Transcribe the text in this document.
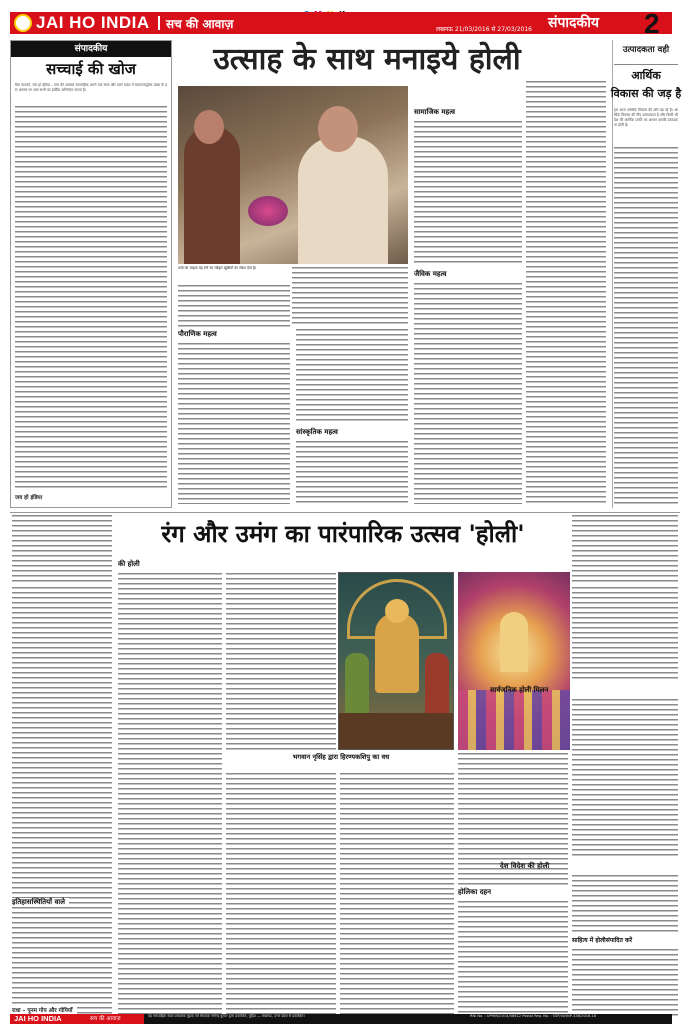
JAI HO INDIA सच की आवाज़	लखनऊ 21/03/2016 से 27/03/2016 संपादकीय 2
संपादकीय
सच्चाई की खोज
प्रिय पाठकों, जय हो इंडिया – सच की आवाज साप्ताहिक अपने एक साल और उत्तर प्रदेश में सफलतापूर्वक प्रवेश के इस अवसर पर आप सभी का हार्दिक अभिनंदन करता है।
जय हो इंडिया
उत्साह के साथ मनाइये होली
शर्मा का चाहता यह रंगों का त्योहार खुशियों का संदेश देता है।
पौराणिक महत्व
सांस्कृतिक महत्व
सामाजिक महत्व
जैविक महत्व
उत्पादकता वही
आर्थिक
विकास की जड़ है
हम आज आर्थिक विकास की ओर बढ़ रहे हैं। आर्थिक विकास की नींव उत्पादकता है और किसी भी देश की आर्थिक प्रगति का आधार उसकी उत्पादकता होती है।
रंग और उमंग का पारंपारिक उत्सव 'होली'
इतिहासस्थितियों वाले
राधा – पूनम गोप और गोपियाँ
की होली
भगवान नृसिंह द्वारा हिरण्यकशिपु का वध
होलिका दहन
सार्वजनिक होली मिलन
देश विदेश की होली
साहित्य में होलीसंपादित करें
JAI HO INDIA	सच की आवाज़	यह साप्ताहिक स्वत्व प्रकाशक मुद्रक एवं संपादक नागेन्द्र कुमार द्वारा प्रकाशित, मुद्रित — लखनऊ, उत्तर प्रदेश से प्रकाशित।	RNI No. : UPHIN/2014/58612 Postal Reg. No. : SSP/LW/NP-338/2016-18
